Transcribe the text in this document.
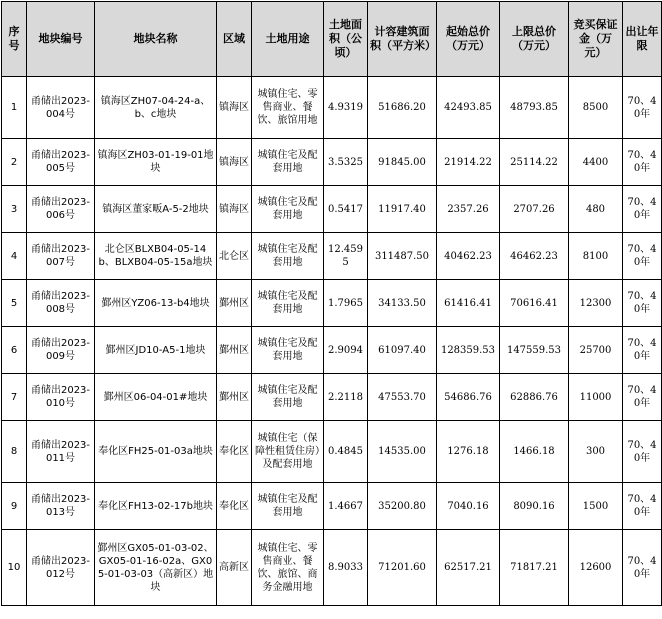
序号	地块编号	地块名称	区域	土地用途	土地面积（公顷）	计容建筑面积（平方米）	起始总价（万元）	上限总价（万元）	竞买保证金（万元）	出让年限
1	甬储出2023-004号	镇海区ZH07-04-24-a、b、c地块	镇海区	城镇住宅、零售商业、餐饮、旅馆用地	4.9319	51686.20	42493.85	48793.85	8500	70、40年
2	甬储出2023-005号	镇海区ZH03-01-19-01地块	镇海区	城镇住宅及配套用地	3.5325	91845.00	21914.22	25114.22	4400	70、40年
3	甬储出2023-006号	镇海区董家畈A-5-2地块	镇海区	城镇住宅及配套用地	0.5417	11917.40	2357.26	2707.26	480	70、40年
4	甬储出2023-007号	北仑区BLXB04-05-14b、BLXB04-05-15a地块	北仑区	城镇住宅及配套用地	12.4595	311487.50	40462.23	46462.23	8100	70、40年
5	甬储出2023-008号	鄞州区YZ06-13-b4地块	鄞州区	城镇住宅及配套用地	1.7965	34133.50	61416.41	70616.41	12300	70、40年
6	甬储出2023-009号	鄞州区JD10-A5-1地块	鄞州区	城镇住宅及配套用地	2.9094	61097.40	128359.53	147559.53	25700	70、40年
7	甬储出2023-010号	鄞州区06-04-01#地块	鄞州区	城镇住宅及配套用地	2.2118	47553.70	54686.76	62886.76	11000	70、40年
8	甬储出2023-011号	奉化区FH25-01-03a地块	奉化区	城镇住宅（保障性租赁住房）及配套用地	0.4845	14535.00	1276.18	1466.18	300	70、40年
9	甬储出2023-013号	奉化区FH13-02-17b地块	奉化区	城镇住宅及配套用地	1.4667	35200.80	7040.16	8090.16	1500	70、40年
10	甬储出2023-012号	鄞州区GX05-01-03-02、GX05-01-16-02a、GX05-01-03-03（高新区）地块	高新区	城镇住宅、零售商业、餐饮、旅馆、商务金融用地	8.9033	71201.60	62517.21	71817.21	12600	70、40年
